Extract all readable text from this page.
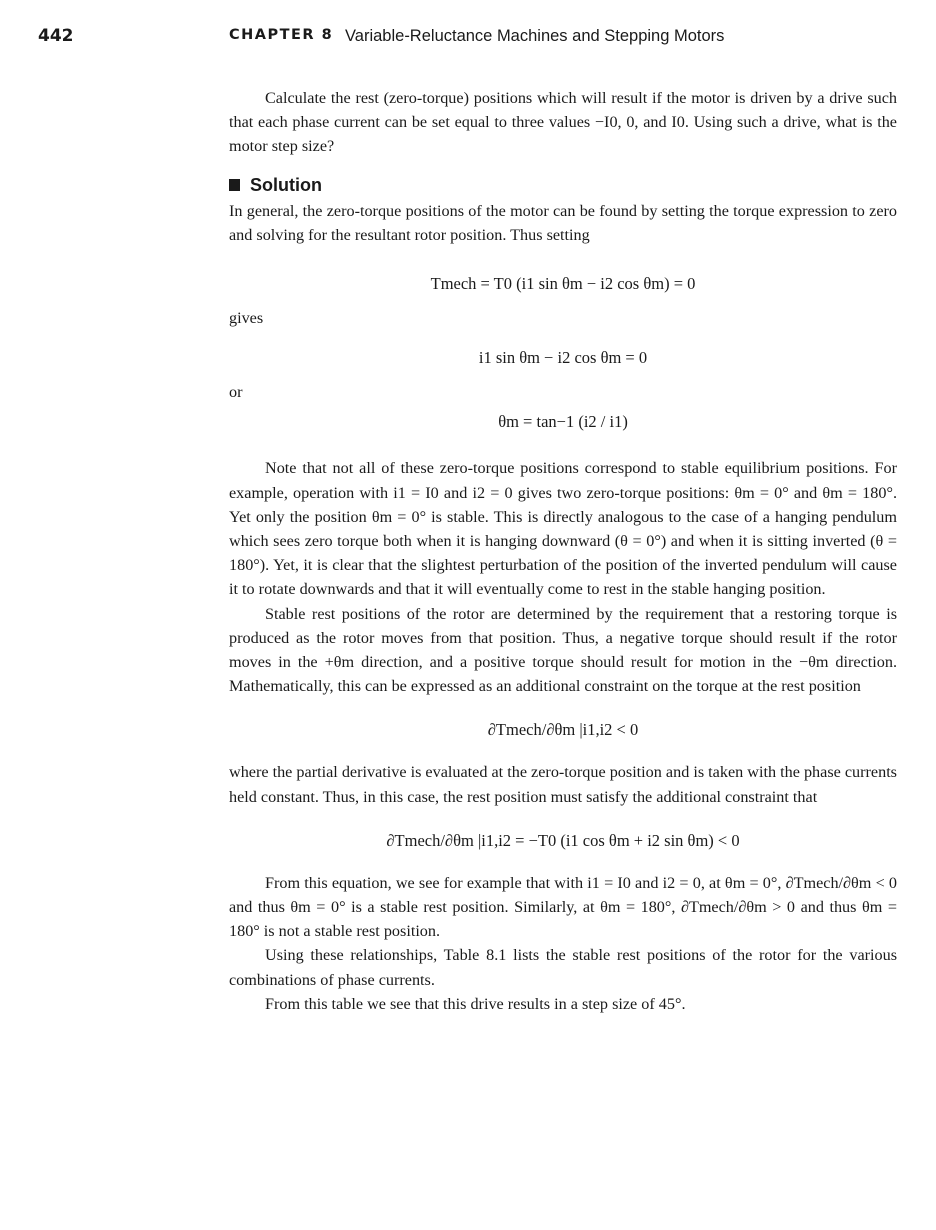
442	CHAPTER 8 Variable-Reluctance Machines and Stepping Motors

Calculate the rest (zero-torque) positions which will result if the motor is driven by a drive such that each phase current can be set equal to three values −I0, 0, and I0. Using such a drive, what is the motor step size?

Solution

In general, the zero-torque positions of the motor can be found by setting the torque expression to zero and solving for the resultant rotor position. Thus setting

Tmech = T0 (i1 sin θm − i2 cos θm) = 0

gives

i1 sin θm − i2 cos θm = 0

or

θm = tan−1 (i2 / i1)

Note that not all of these zero-torque positions correspond to stable equilibrium positions. For example, operation with i1 = I0 and i2 = 0 gives two zero-torque positions: θm = 0° and θm = 180°. Yet only the position θm = 0° is stable. This is directly analogous to the case of a hanging pendulum which sees zero torque both when it is hanging downward (θ = 0°) and when it is sitting inverted (θ = 180°). Yet, it is clear that the slightest perturbation of the position of the inverted pendulum will cause it to rotate downwards and that it will eventually come to rest in the stable hanging position.

Stable rest positions of the rotor are determined by the requirement that a restoring torque is produced as the rotor moves from that position. Thus, a negative torque should result if the rotor moves in the +θm direction, and a positive torque should result for motion in the −θm direction. Mathematically, this can be expressed as an additional constraint on the torque at the rest position

∂Tmech/∂θm |i1,i2 < 0

where the partial derivative is evaluated at the zero-torque position and is taken with the phase currents held constant. Thus, in this case, the rest position must satisfy the additional constraint that

∂Tmech/∂θm |i1,i2 = −T0 (i1 cos θm + i2 sin θm) < 0

From this equation, we see for example that with i1 = I0 and i2 = 0, at θm = 0°, ∂Tmech/∂θm < 0 and thus θm = 0° is a stable rest position. Similarly, at θm = 180°, ∂Tmech/∂θm > 0 and thus θm = 180° is not a stable rest position.

Using these relationships, Table 8.1 lists the stable rest positions of the rotor for the various combinations of phase currents.

From this table we see that this drive results in a step size of 45°.
